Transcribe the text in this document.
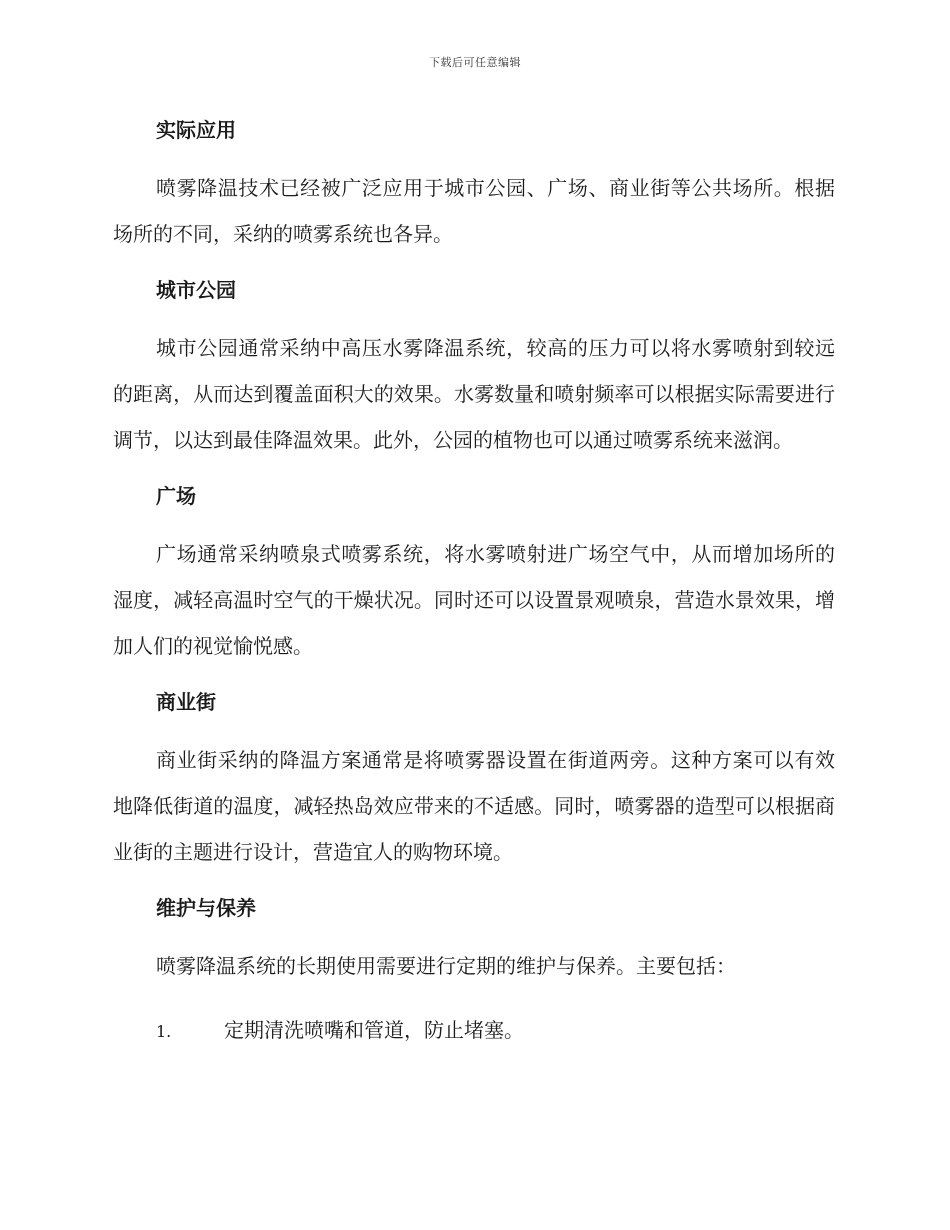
下载后可任意编辑
实际应用

喷雾降温技术已经被广泛应用于城市公园、广场、商业街等公共场所。根据场所的不同，采纳的喷雾系统也各异。

城市公园

城市公园通常采纳中高压水雾降温系统，较高的压力可以将水雾喷射到较远的距离，从而达到覆盖面积大的效果。水雾数量和喷射频率可以根据实际需要进行调节，以达到最佳降温效果。此外，公园的植物也可以通过喷雾系统来滋润。

广场

广场通常采纳喷泉式喷雾系统，将水雾喷射进广场空气中，从而增加场所的湿度，减轻高温时空气的干燥状况。同时还可以设置景观喷泉，营造水景效果，增加人们的视觉愉悦感。

商业街

商业街采纳的降温方案通常是将喷雾器设置在街道两旁。这种方案可以有效地降低街道的温度，减轻热岛效应带来的不适感。同时，喷雾器的造型可以根据商业街的主题进行设计，营造宜人的购物环境。

维护与保养

喷雾降温系统的长期使用需要进行定期的维护与保养。主要包括：

1.	定期清洗喷嘴和管道，防止堵塞。
